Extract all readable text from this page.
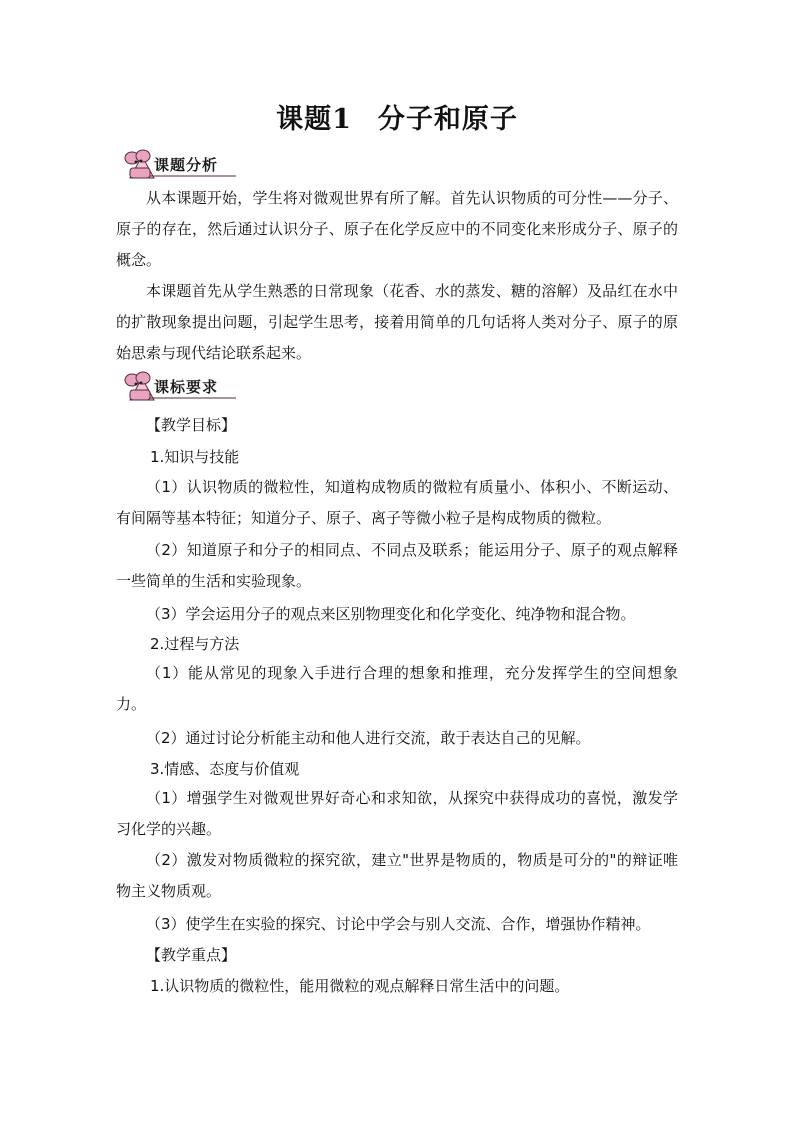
课题1 分子和原子
课题分析
从本课题开始，学生将对微观世界有所了解。首先认识物质的可分性——分子、原子的存在，然后通过认识分子、原子在化学反应中的不同变化来形成分子、原子的概念。
本课题首先从学生熟悉的日常现象（花香、水的蒸发、糖的溶解）及品红在水中的扩散现象提出问题，引起学生思考，接着用简单的几句话将人类对分子、原子的原始思索与现代结论联系起来。
课标要求
【教学目标】
1.知识与技能
（1）认识物质的微粒性，知道构成物质的微粒有质量小、体积小、不断运动、有间隔等基本特征；知道分子、原子、离子等微小粒子是构成物质的微粒。
（2）知道原子和分子的相同点、不同点及联系；能运用分子、原子的观点解释一些简单的生活和实验现象。
（3）学会运用分子的观点来区别物理变化和化学变化、纯净物和混合物。
2.过程与方法
（1）能从常见的现象入手进行合理的想象和推理，充分发挥学生的空间想象力。
（2）通过讨论分析能主动和他人进行交流，敢于表达自己的见解。
3.情感、态度与价值观
（1）增强学生对微观世界好奇心和求知欲，从探究中获得成功的喜悦，激发学习化学的兴趣。
（2）激发对物质微粒的探究欲，建立"世界是物质的，物质是可分的"的辩证唯物主义物质观。
（3）使学生在实验的探究、讨论中学会与别人交流、合作，增强协作精神。
【教学重点】
1.认识物质的微粒性，能用微粒的观点解释日常生活中的问题。
